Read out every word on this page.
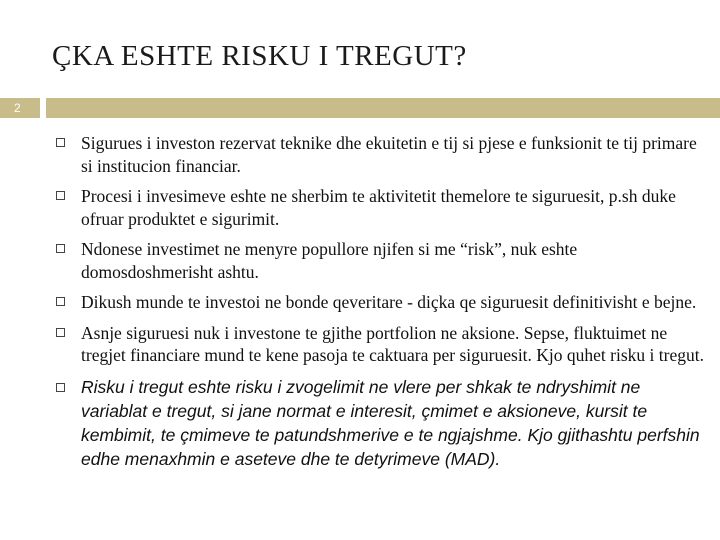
ÇKA ESHTE RISKU I TREGUT?
2
Sigurues i investon rezervat teknike dhe ekuitetin e tij si pjese e funksionit te tij primare si institucion financiar.
Procesi i invesimeve eshte ne sherbim te aktivitetit themelore te siguruesit, p.sh duke ofruar produktet e sigurimit.
Ndonese investimet ne menyre popullore njifen si me “risk”, nuk eshte domosdoshmerisht ashtu.
Dikush munde te investoi ne bonde qeveritare - diçka qe siguruesit definitivisht e bejne.
Asnje siguruesi nuk i investone te gjithe portfolion ne aksione. Sepse, fluktuimet ne tregjet financiare mund te kene pasoja te caktuara per siguruesit. Kjo quhet risku i tregut.
Risku i tregut eshte risku i zvogelimit ne vlere per shkak te ndryshimit ne variablat e tregut, si jane normat e interesit, çmimet e aksioneve, kursit te kembimit, te çmimeve te patundshmerive e te ngjajshme. Kjo gjithashtu perfshin edhe menaxhmin e aseteve dhe te detyrimeve (MAD).
